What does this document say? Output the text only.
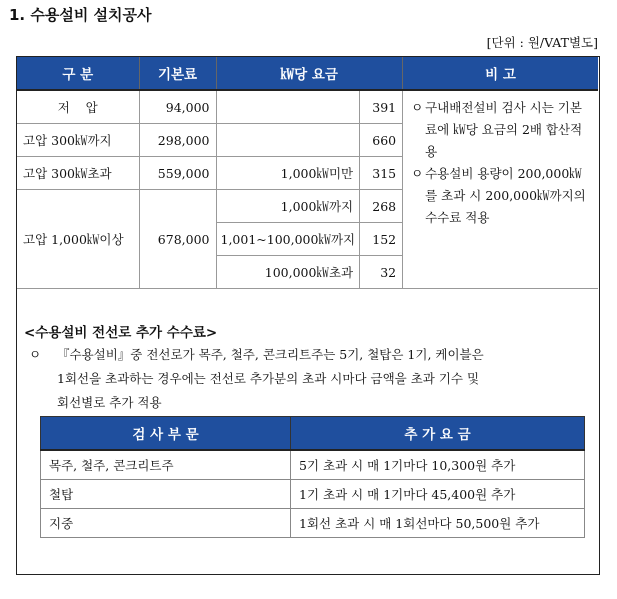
1. 수용설비 설치공사
[단위 : 원/VAT별도]
구 분	기본료	㎾당 요금		비 고
저    압	94,000		391	ㅇ 구내배전설비 검사 시는 기본료에 ㎾당 요금의 2배 합산적용
ㅇ 수용설비 용량이 200,000㎾를 초과 시 200,000㎾까지의 수수료 적용

고압 300㎾까지	298,000		660	
고압 300㎾초과	559,000	1,000㎾미만	315	
고압 1,000㎾이상	678,000	1,000㎾까지	268	
		1,001~100,000㎾까지	152	
		100,000㎾초과	32	
<수용설비 전선로 추가 수수료>
ㅇ 『수용설비』중 전선로가 목주, 철주, 콘크리트주는 5기, 철탑은 1기, 케이블은
1회선을 초과하는 경우에는 전선로 추가분의 초과 시마다 금액을 초과 기수 및
회선별로 추가 적용
검 사 부 문	추 가 요 금
목주, 철주, 콘크리트주	5기 초과 시 매 1기마다 10,300원 추가
철탑	1기 초과 시 매 1기마다 45,400원 추가
지중	1회선 초과 시 매 1회선마다 50,500원 추가
